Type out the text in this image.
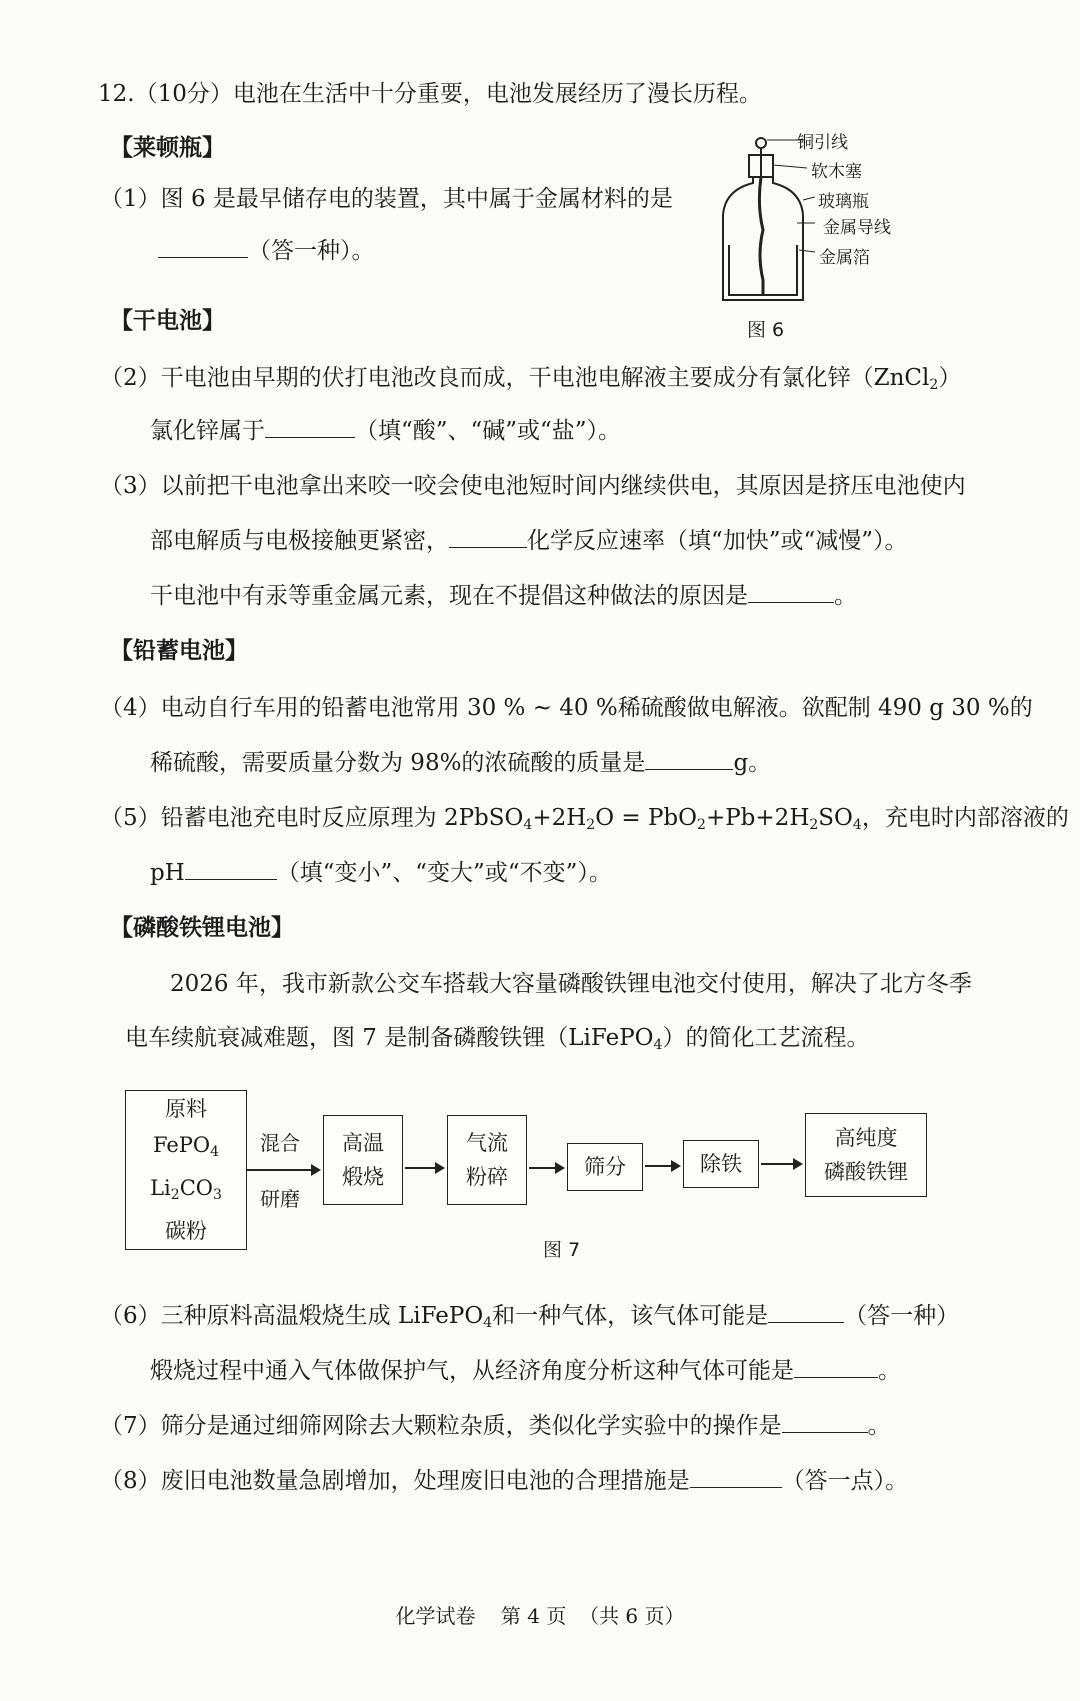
12.（10分）电池在生活中十分重要，电池发展经历了漫长历程。
【莱顿瓶】
（1）图 6 是最早储存电的装置，其中属于金属材料的是
（答一种）。
铜引线
软木塞
玻璃瓶
金属导线
金属箔
图 6
【干电池】
（2）干电池由早期的伏打电池改良而成，干电池电解液主要成分有氯化锌（ZnCl$_2$）
氯化锌属于	（填“酸”、“碱”或“盐”）。
（3）以前把干电池拿出来咬一咬会使电池短时间内继续供电，其原因是挤压电池使内
部电解质与电极接触更紧密，	化学反应速率（填“加快”或“减慢”）。
干电池中有汞等重金属元素，现在不提倡这种做法的原因是	。
【铅蓄电池】
（4）电动自行车用的铅蓄电池常用 30 % ~ 40 %稀硫酸做电解液。欲配制 490 g 30 %的
稀硫酸，需要质量分数为 98%的浓硫酸的质量是	g。
（5）铅蓄电池充电时反应原理为 $2PbSO_4+2H_2O = PbO_2+Pb+2H_2SO_4$，充电时内部溶液的
pH	（填“变小”、“变大”或“不变”）。
【磷酸铁锂电池】
2026 年，我市新款公交车搭载大容量磷酸铁锂电池交付使用，解决了北方冬季
电车续航衰减难题，图 7 是制备磷酸铁锂（LiFePO$_4$）的简化工艺流程。
原料
FePO$_4$
$Li_2CO_3$
碳粉
混合
研磨
高温
煅烧
气流
粉碎	筛分	除铁
高纯度
磷酸铁锂
图 7
（6）三种原料高温煅烧生成 LiFePO$_4$和一种气体，该气体可能是	（答一种）
煅烧过程中通入气体做保护气，从经济角度分析这种气体可能是	。
（7）筛分是通过细筛网除去大颗粒杂质，类似化学实验中的操作是	。
（8）废旧电池数量急剧增加，处理废旧电池的合理措施是	（答一点）。
化学试卷    第 4 页  （共 6 页）
